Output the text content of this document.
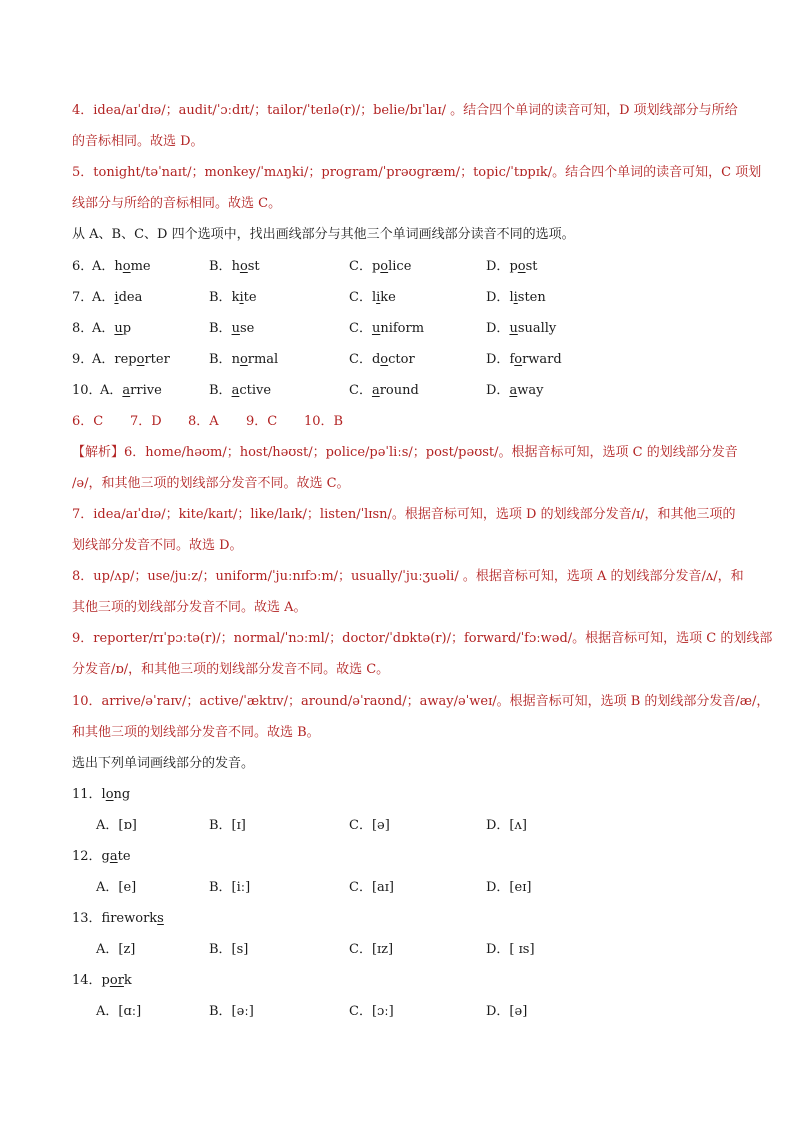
4．idea/aɪˈdɪə/；audit/ˈɔːdɪt/；tailor/ˈteɪlə(r)/；belie/bɪˈlaɪ/ 。结合四个单词的读音可知，D 项划线部分与所给
的音标相同。故选 D。
5．tonight/təˈnaɪt/；monkey/ˈmʌŋki/；program/ˈprəʊɡræm/；topic/ˈtɒpɪk/。结合四个单词的读音可知，C 项划
线部分与所给的音标相同。故选 C。
从 A、B、C、D 四个选项中，找出画线部分与其他三个单词画线部分读音不同的选项。
6．
A．home	B．host	C．police	D．post
7．
A．idea	B．kite	C．like	D．listen
8．
A．up	B．use	C．uniform	D．usually
9．
A．reporter	B．normal	C．doctor	D．forward
10．
A．arrive	B．active	C．around	D．away
6．C 7．D 8．A 9．C 10．B
【解析】6．home/həʊm/；host/həʊst/；police/pəˈliːs/；post/pəʊst/。根据音标可知，选项 C 的划线部分发音
/ə/，和其他三项的划线部分发音不同。故选 C。
7．idea/aɪˈdɪə/；kite/kaɪt/；like/laɪk/；listen/ˈlɪsn/。根据音标可知，选项 D 的划线部分发音/ɪ/，和其他三项的
划线部分发音不同。故选 D。
8．up/ʌp/；use/juːz/；uniform/ˈjuːnɪfɔːm/；usually/ˈjuːʒuəli/ 。根据音标可知，选项 A 的划线部分发音/ʌ/，和
其他三项的划线部分发音不同。故选 A。
9．reporter/rɪˈpɔːtə(r)/；normal/ˈnɔːml/；doctor/ˈdɒktə(r)/；forward/ˈfɔːwəd/。根据音标可知，选项 C 的划线部
分发音/ɒ/，和其他三项的划线部分发音不同。故选 C。
10．arrive/əˈraɪv/；active/ˈæktɪv/；around/əˈraʊnd/；away/əˈweɪ/。根据音标可知，选项 B 的划线部分发音/æ/，
和其他三项的划线部分发音不同。故选 B。
选出下列单词画线部分的发音。
11．long
A．[ɒ]	B．[ɪ]	C．[ə]	D．[ʌ]
12．gate
A．[e]	B．[iː]	C．[aɪ]	D．[eɪ]
13．fireworks
A．[z]	B．[s]	C．[ɪz]	D．[ ɪs]
14．pork
A．[ɑː]	B．[əː]	C．[ɔː]	D．[ə]
